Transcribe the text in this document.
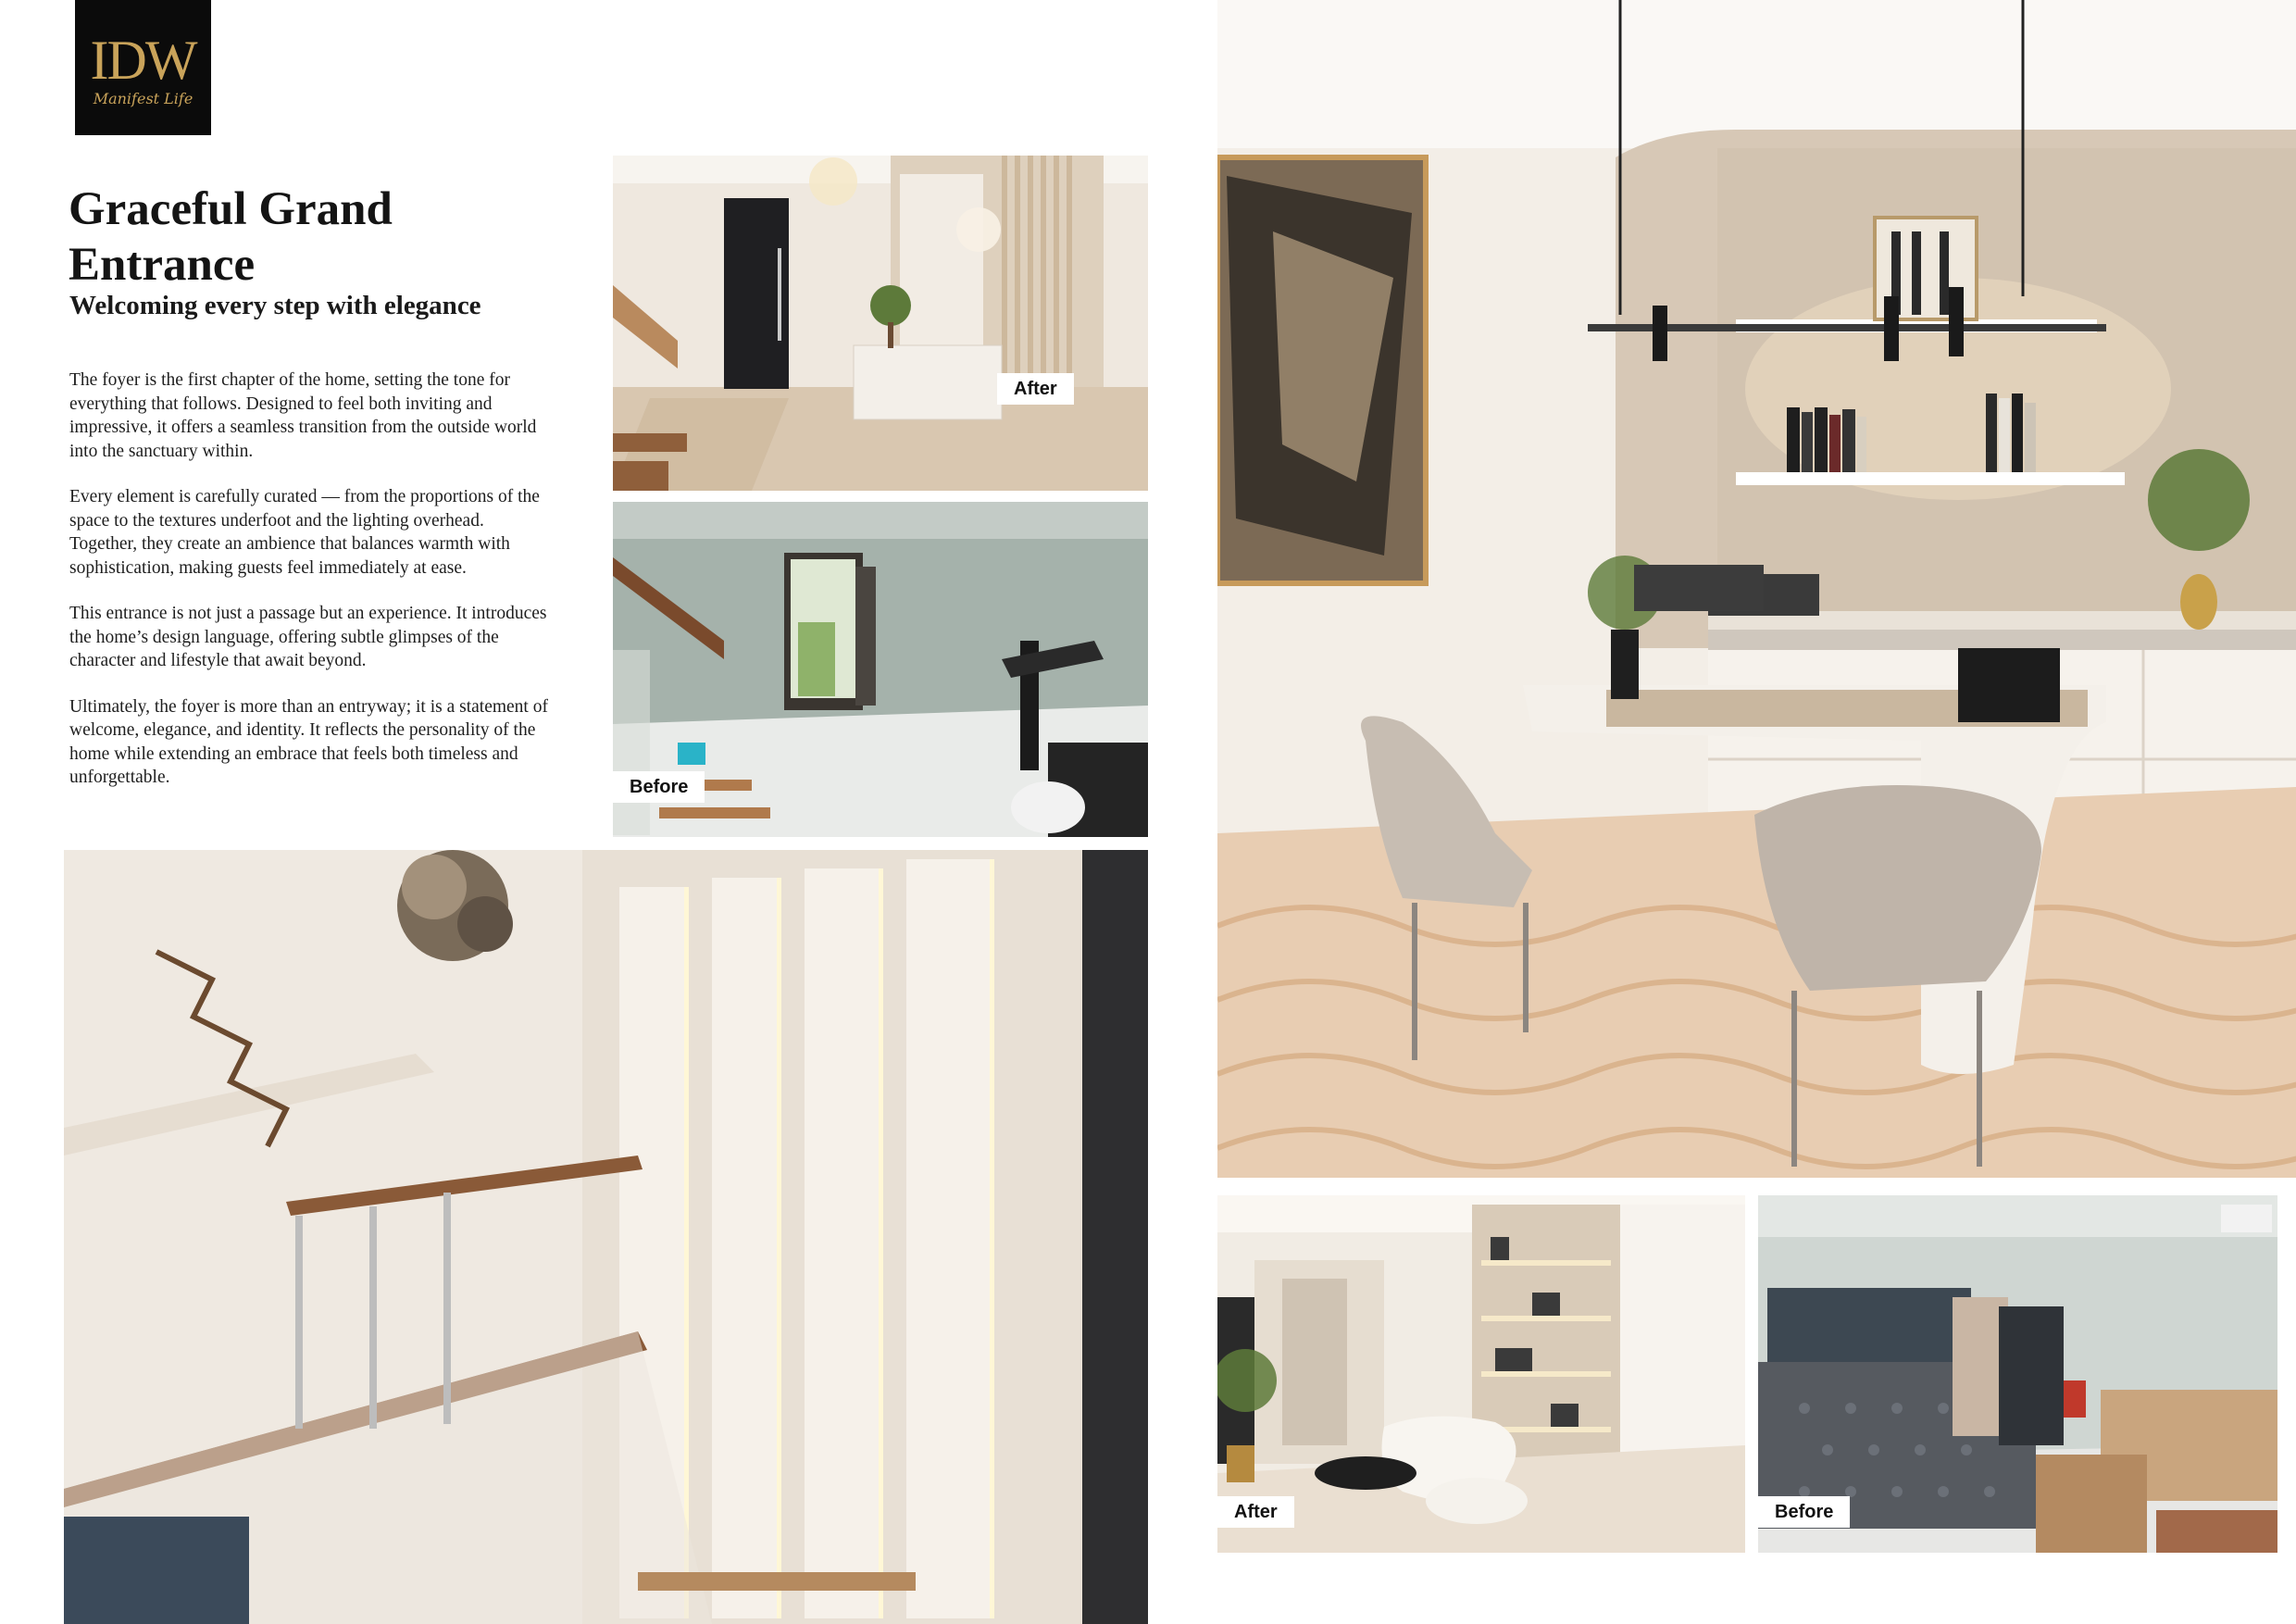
IDW
Manifest Life
Graceful Grand Entrance
Welcoming every step with elegance

The foyer is the first chapter of the home, setting the tone for everything that follows. Designed to feel both inviting and impressive, it offers a seamless transition from the outside world into the sanctuary within.

Every element is carefully curated — from the proportions of the space to the textures underfoot and the lighting overhead. Together, they create an ambience that balances warmth with sophistication, making guests feel immediately at ease.

This entrance is not just a passage but an experience. It introduces the home’s design language, offering subtle glimpses of the character and lifestyle that await beyond.

Ultimately, the foyer is more than an entryway; it is a statement of welcome, elegance, and identity. It reflects the personality of the home while extending an embrace that feels both timeless and unforgettable.

After
Before
After	Before
